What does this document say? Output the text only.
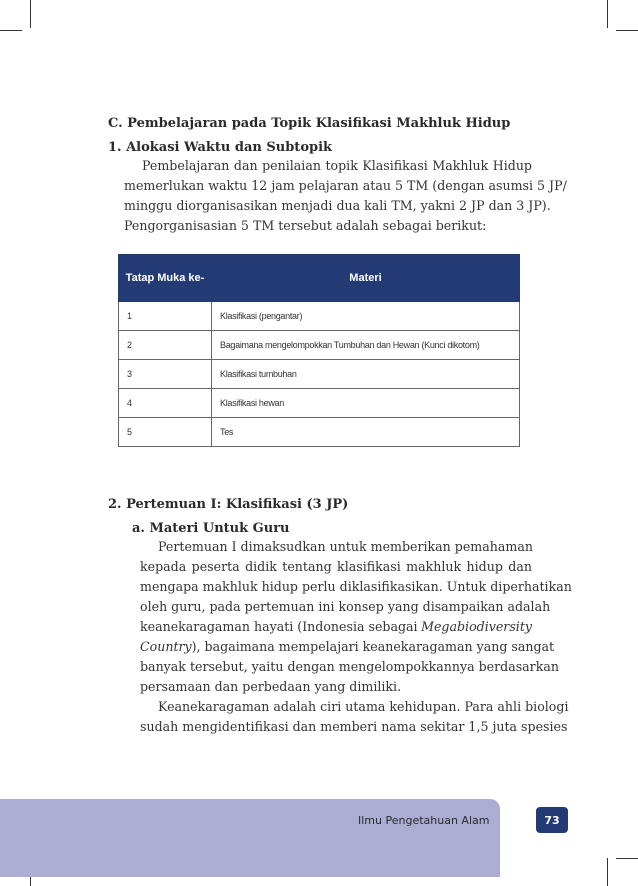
C. Pembelajaran pada Topik Klasifikasi Makhluk Hidup
1. Alokasi Waktu dan Subtopik
Pembelajaran dan penilaian topik Klasifikasi Makhluk Hidup
memerlukan waktu 12 jam pelajaran atau 5 TM (dengan asumsi 5 JP/
minggu diorganisasikan menjadi dua kali TM, yakni 2 JP dan 3 JP).
Pengorganisasian 5 TM tersebut adalah sebagai berikut:
Tatap Muka ke-	Materi
1	Klasifikasi (pengantar)
2	Bagaimana mengelompokkan Tumbuhan dan Hewan (Kunci dikotom)
3	Klasifikasi tumbuhan
4	Klasifikasi hewan
5	Tes
2. Pertemuan I: Klasifikasi (3 JP)
a. Materi Untuk Guru
Pertemuan I dimaksudkan untuk memberikan pemahaman
kepada peserta didik tentang klasifikasi makhluk hidup dan
mengapa makhluk hidup perlu diklasifikasikan. Untuk diperhatikan
oleh guru, pada pertemuan ini konsep yang disampaikan adalah
keanekaragaman hayati (Indonesia sebagai Megabiodiversity
Country), bagaimana mempelajari keanekaragaman yang sangat
banyak tersebut, yaitu dengan mengelompokkannya berdasarkan
persamaan dan perbedaan yang dimiliki.
Keanekaragaman adalah ciri utama kehidupan. Para ahli biologi
sudah mengidentifikasi dan memberi nama sekitar 1,5 juta spesies
Ilmu Pengetahuan Alam	73
